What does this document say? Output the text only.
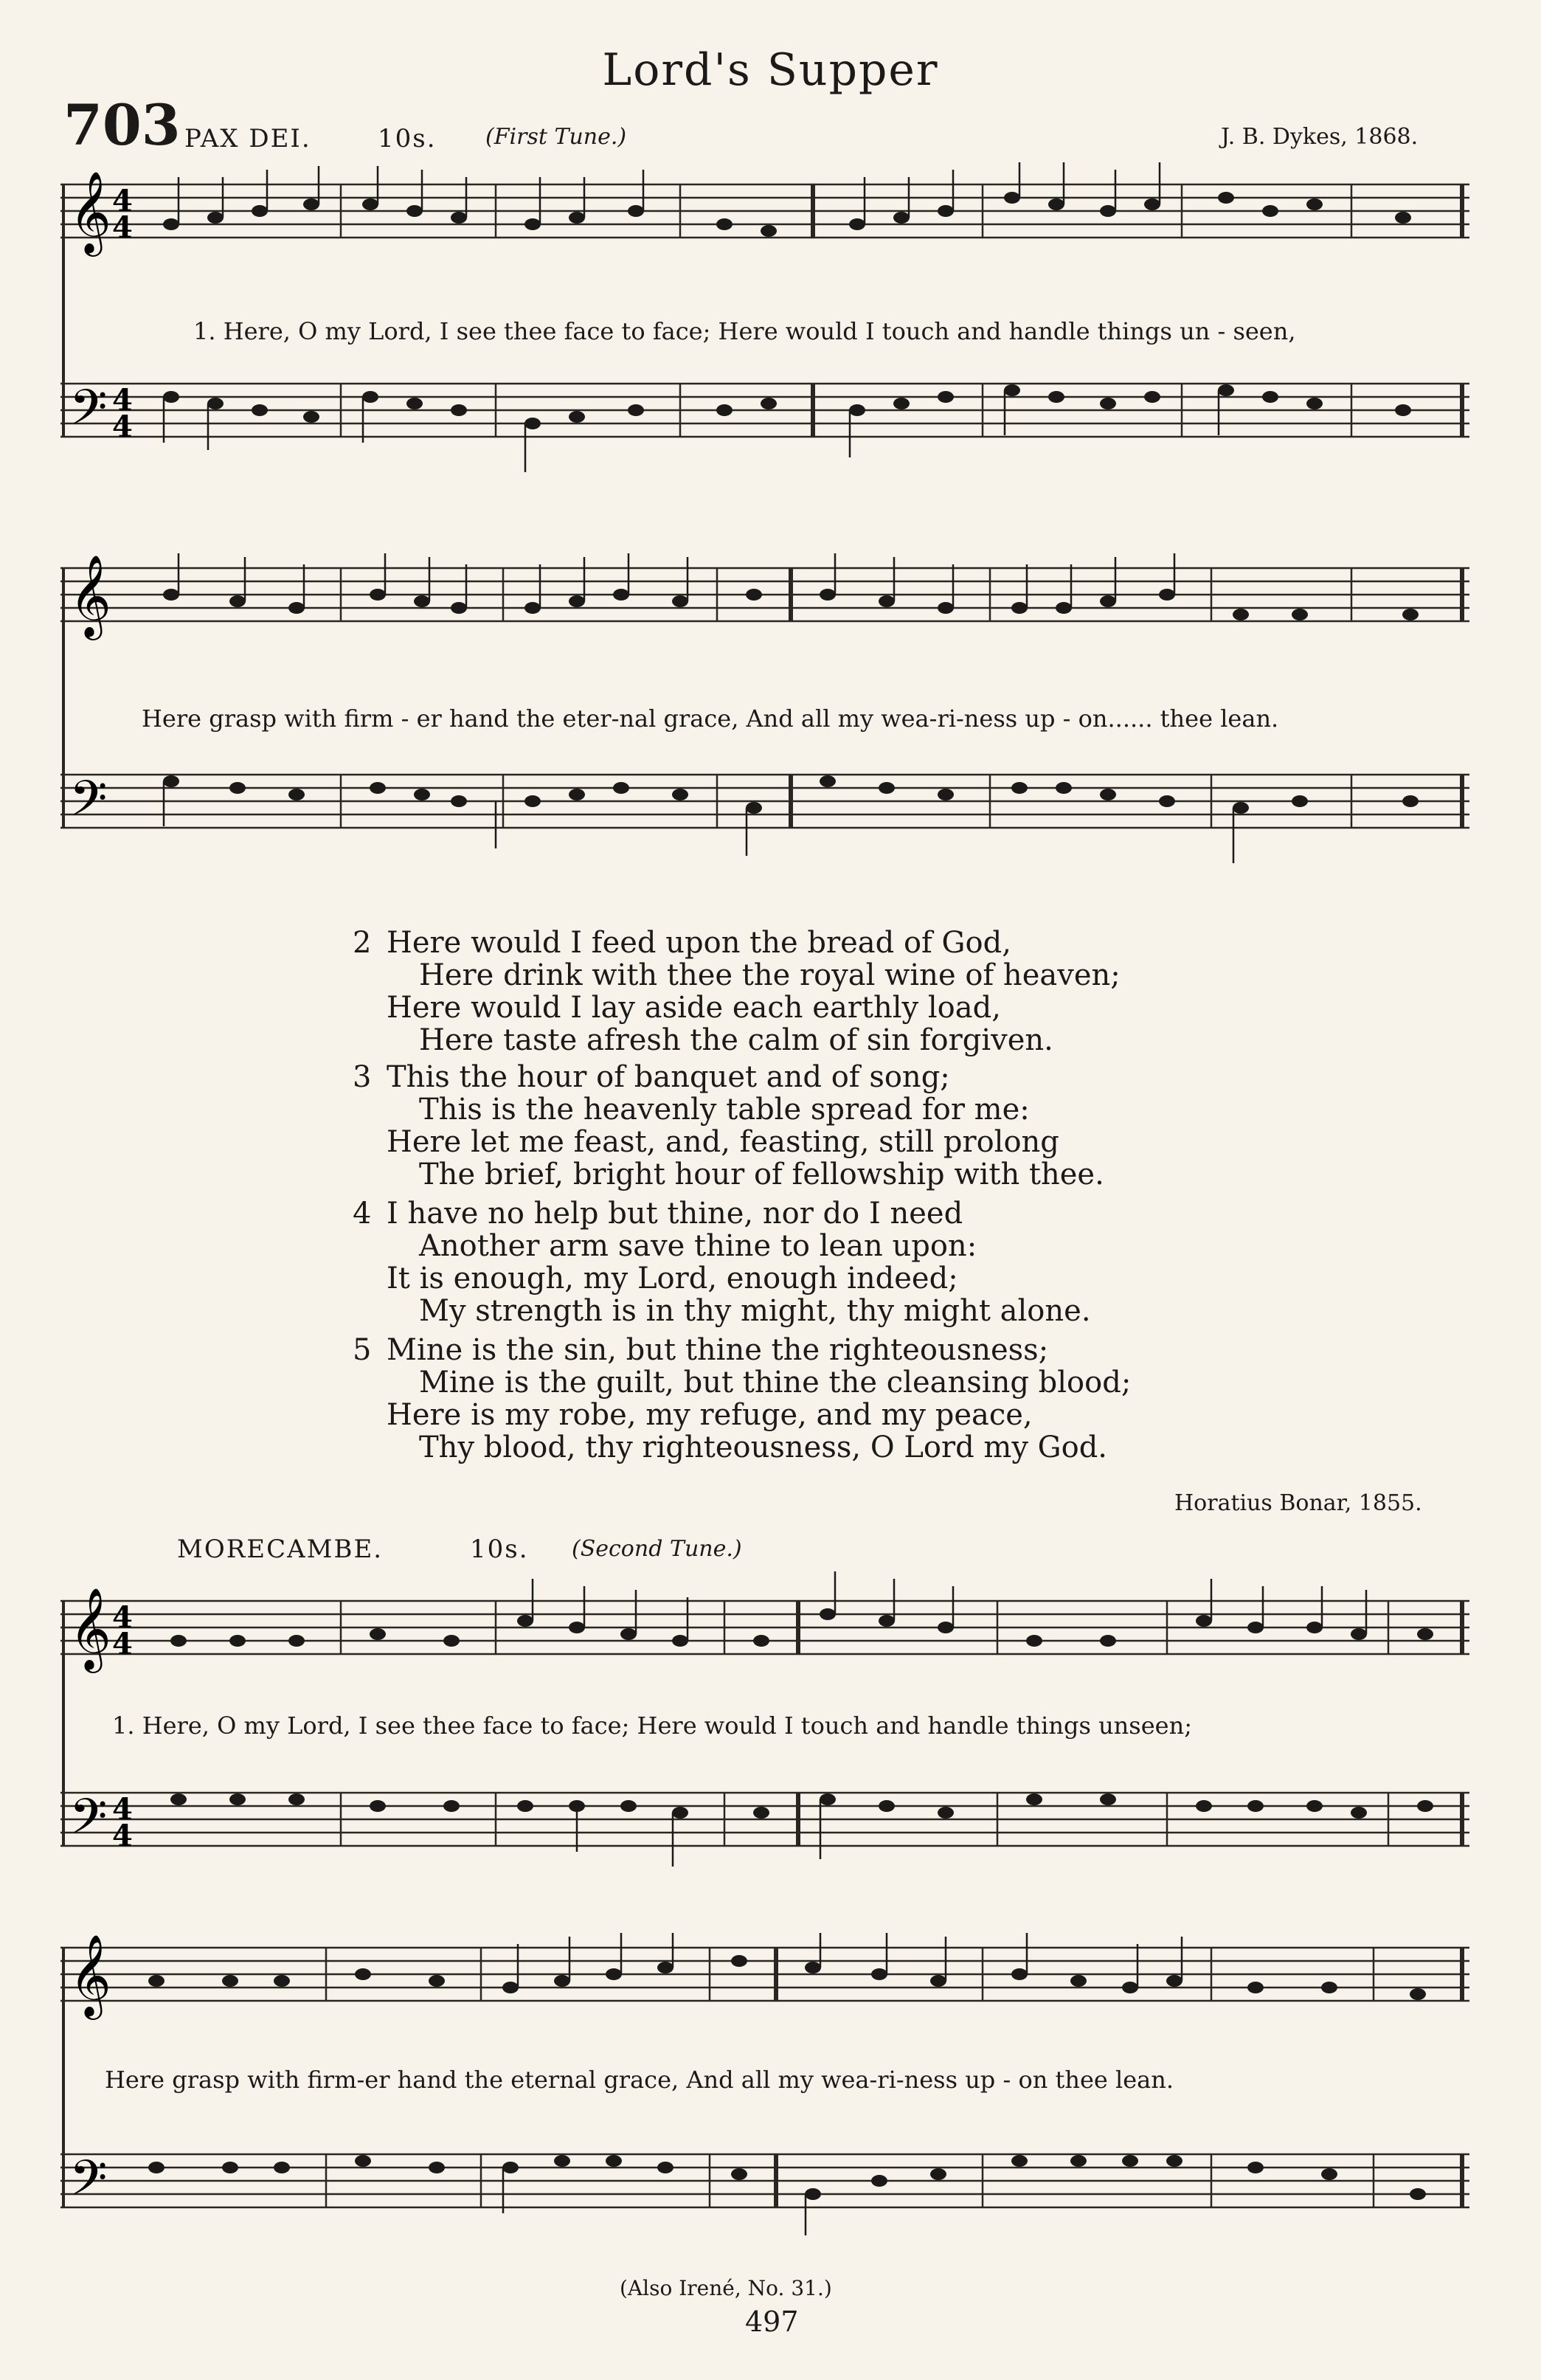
Lord's Supper
703 PAX DEI.	10s. (First Tune.)	J. B. Dykes, 1868.
𝄞
𝄢
4
4
4
4
1. Here, O my Lord, I see thee face to face; Here would I touch and handle things un - seen,
𝄞
𝄢
Here grasp with firm - er hand the eter-nal grace, And all my wea-ri-ness up - on...... thee lean.
2 Here would I feed upon the bread of God,
Here drink with thee the royal wine of heaven;
Here would I lay aside each earthly load,
Here taste afresh the calm of sin forgiven.
3 This the hour of banquet and of song;
This is the heavenly table spread for me:
Here let me feast, and, feasting, still prolong
The brief, bright hour of fellowship with thee.
4 I have no help but thine, nor do I need
Another arm save thine to lean upon:
It is enough, my Lord, enough indeed;
My strength is in thy might, thy might alone.
5 Mine is the sin, but thine the righteousness;
Mine is the guilt, but thine the cleansing blood;
Here is my robe, my refuge, and my peace,
Thy blood, thy righteousness, O Lord my God.
Horatius Bonar, 1855.
MORECAMBE.	10s. (Second Tune.)
𝄞
𝄢
4
4
4
4
1. Here, O my Lord, I see thee face to face; Here would I touch and handle things unseen;
𝄞
𝄢
Here grasp with firm-er hand the eternal grace, And all my wea-ri-ness up - on thee lean.
(Also Irené, No. 31.)
497
